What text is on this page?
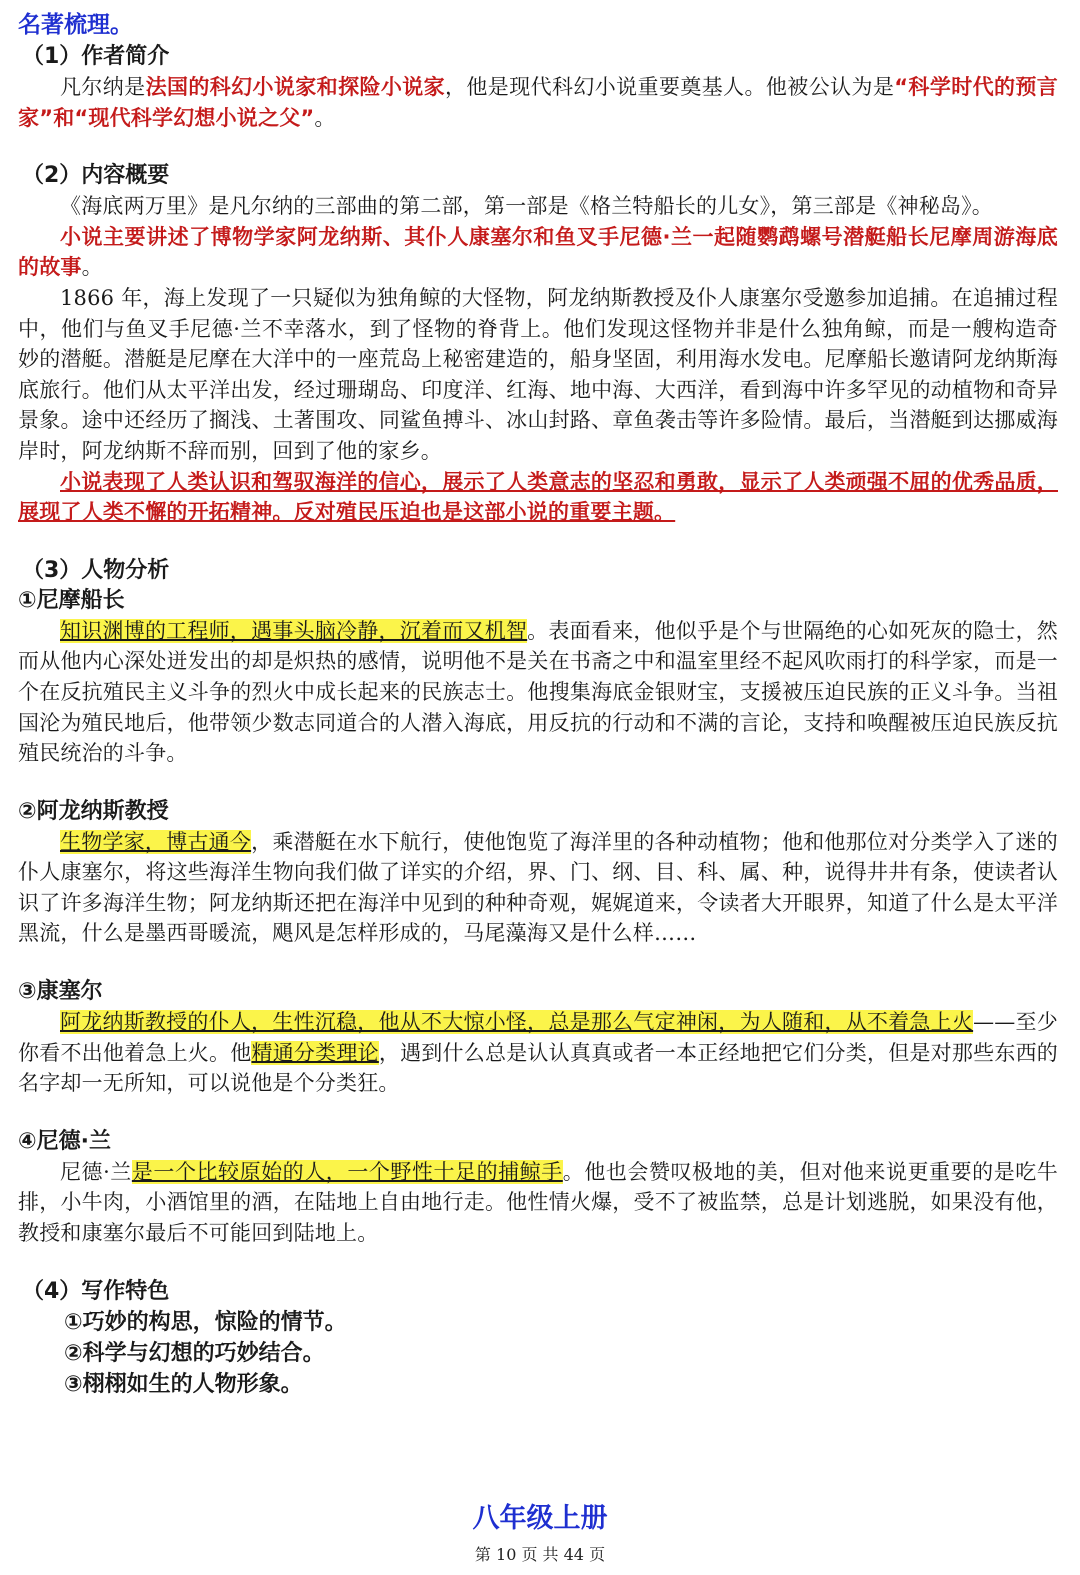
名著梳理。
（1）作者简介

凡尔纳是法国的科幻小说家和探险小说家，他是现代科幻小说重要奠基人。他被公认为是“科学时代的预言家”和“现代科学幻想小说之父”。

（2）内容概要

《海底两万里》是凡尔纳的三部曲的第二部，第一部是《格兰特船长的儿女》，第三部是《神秘岛》。

小说主要讲述了博物学家阿龙纳斯、其仆人康塞尔和鱼叉手尼德·兰一起随鹦鹉螺号潜艇船长尼摩周游海底的故事。

1866 年，海上发现了一只疑似为独角鲸的大怪物，阿龙纳斯教授及仆人康塞尔受邀参加追捕。在追捕过程中，他们与鱼叉手尼德·兰不幸落水，到了怪物的脊背上。他们发现这怪物并非是什么独角鲸，而是一艘构造奇妙的潜艇。潜艇是尼摩在大洋中的一座荒岛上秘密建造的，船身坚固，利用海水发电。尼摩船长邀请阿龙纳斯海底旅行。他们从太平洋出发，经过珊瑚岛、印度洋、红海、地中海、大西洋，看到海中许多罕见的动植物和奇异景象。途中还经历了搁浅、土著围攻、同鲨鱼搏斗、冰山封路、章鱼袭击等许多险情。最后，当潜艇到达挪威海岸时，阿龙纳斯不辞而别，回到了他的家乡。

小说表现了人类认识和驾驭海洋的信心，展示了人类意志的坚忍和勇敢，显示了人类顽强不屈的优秀品质，展现了人类不懈的开拓精神。反对殖民压迫也是这部小说的重要主题。

（3）人物分析
①尼摩船长

知识渊博的工程师，遇事头脑冷静，沉着而又机智。表面看来，他似乎是个与世隔绝的心如死灰的隐士，然而从他内心深处迸发出的却是炽热的感情，说明他不是关在书斋之中和温室里经不起风吹雨打的科学家，而是一个在反抗殖民主义斗争的烈火中成长起来的民族志士。他搜集海底金银财宝，支援被压迫民族的正义斗争。当祖国沦为殖民地后，他带领少数志同道合的人潜入海底，用反抗的行动和不满的言论，支持和唤醒被压迫民族反抗殖民统治的斗争。

②阿龙纳斯教授

生物学家，博古通今，乘潜艇在水下航行，使他饱览了海洋里的各种动植物；他和他那位对分类学入了迷的仆人康塞尔，将这些海洋生物向我们做了详实的介绍，界、门、纲、目、科、属、种，说得井井有条，使读者认识了许多海洋生物；阿龙纳斯还把在海洋中见到的种种奇观，娓娓道来，令读者大开眼界，知道了什么是太平洋黑流，什么是墨西哥暖流，飓风是怎样形成的，马尾藻海又是什么样……

③康塞尔

阿龙纳斯教授的仆人，生性沉稳，他从不大惊小怪，总是那么气定神闲，为人随和，从不着急上火——至少你看不出他着急上火。他精通分类理论，遇到什么总是认认真真或者一本正经地把它们分类，但是对那些东西的名字却一无所知，可以说他是个分类狂。

④尼德·兰

尼德·兰是一个比较原始的人，一个野性十足的捕鲸手。他也会赞叹极地的美，但对他来说更重要的是吃牛排，小牛肉，小酒馆里的酒，在陆地上自由地行走。他性情火爆，受不了被监禁，总是计划逃脱，如果没有他，教授和康塞尔最后不可能回到陆地上。

（4）写作特色
①巧妙的构思，惊险的情节。
②科学与幻想的巧妙结合。
③栩栩如生的人物形象。
八年级上册
第 10 页 共 44 页
